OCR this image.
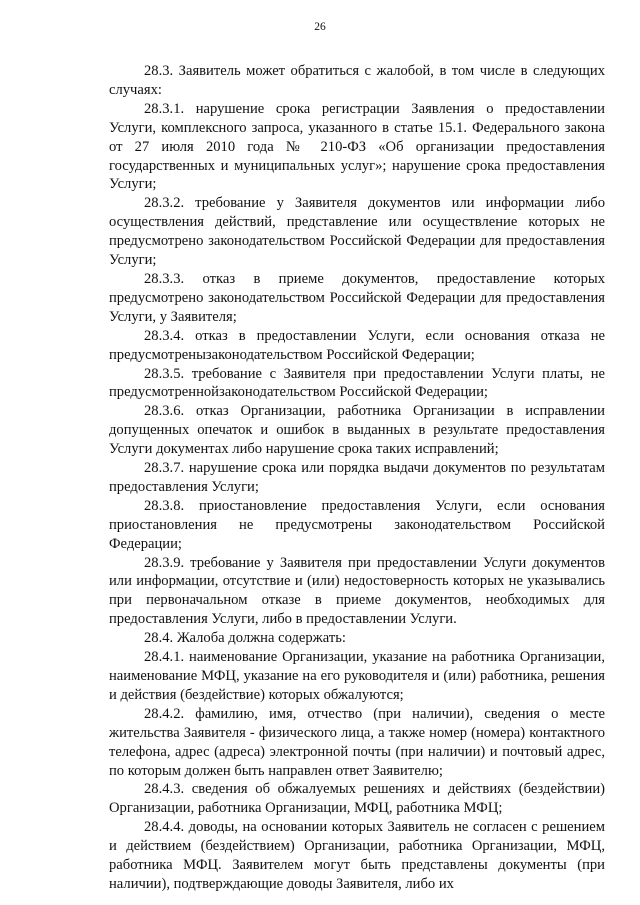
26

28.3. Заявитель может обратиться с жалобой, в том числе в следующих случаях:

28.3.1. нарушение срока регистрации Заявления о предоставлении Услуги, комплексного запроса, указанного в статье 15.1. Федерального закона от 27 июля 2010 года № 210-ФЗ «Об организации предоставления государственных и муниципальных услуг»; нарушение срока предоставления Услуги;

28.3.2. требование у Заявителя документов или информации либо осуществления действий, представление или осуществление которых не предусмотрено законодательством Российской Федерации для предоставления Услуги;

28.3.3. отказ в приеме документов, предоставление которых предусмотрено законодательством Российской Федерации для предоставления Услуги, у Заявителя;

28.3.4. отказ в предоставлении Услуги, если основания отказа не предусмотренызаконодательством Российской Федерации;

28.3.5. требование с Заявителя при предоставлении Услуги платы, не предусмотреннойзаконодательством Российской Федерации;

28.3.6. отказ Организации, работника Организации в исправлении допущенных опечаток и ошибок в выданных в результате предоставления Услуги документах либо нарушение срока таких исправлений;

28.3.7. нарушение срока или порядка выдачи документов по результатам предоставления Услуги;

28.3.8. приостановление предоставления Услуги, если основания приостановления не предусмотрены законодательством Российской Федерации;

28.3.9. требование у Заявителя при предоставлении Услуги документов или информации, отсутствие и (или) недостоверность которых не указывались при первоначальном отказе в приеме документов, необходимых для предоставления Услуги, либо в предоставлении Услуги.

28.4. Жалоба должна содержать:

28.4.1. наименование Организации, указание на работника Организации, наименование МФЦ, указание на его руководителя и (или) работника, решения и действия (бездействие) которых обжалуются;

28.4.2. фамилию, имя, отчество (при наличии), сведения о месте жительства Заявителя - физического лица, а также номер (номера) контактного телефона, адрес (адреса) электронной почты (при наличии) и почтовый адрес, по которым должен быть направлен ответ Заявителю;

28.4.3. сведения об обжалуемых решениях и действиях (бездействии) Организации, работника Организации, МФЦ, работника МФЦ;

28.4.4. доводы, на основании которых Заявитель не согласен с решением и действием (бездействием) Организации, работника Организации, МФЦ, работника МФЦ. Заявителем могут быть представлены документы (при наличии), подтверждающие доводы Заявителя, либо их
